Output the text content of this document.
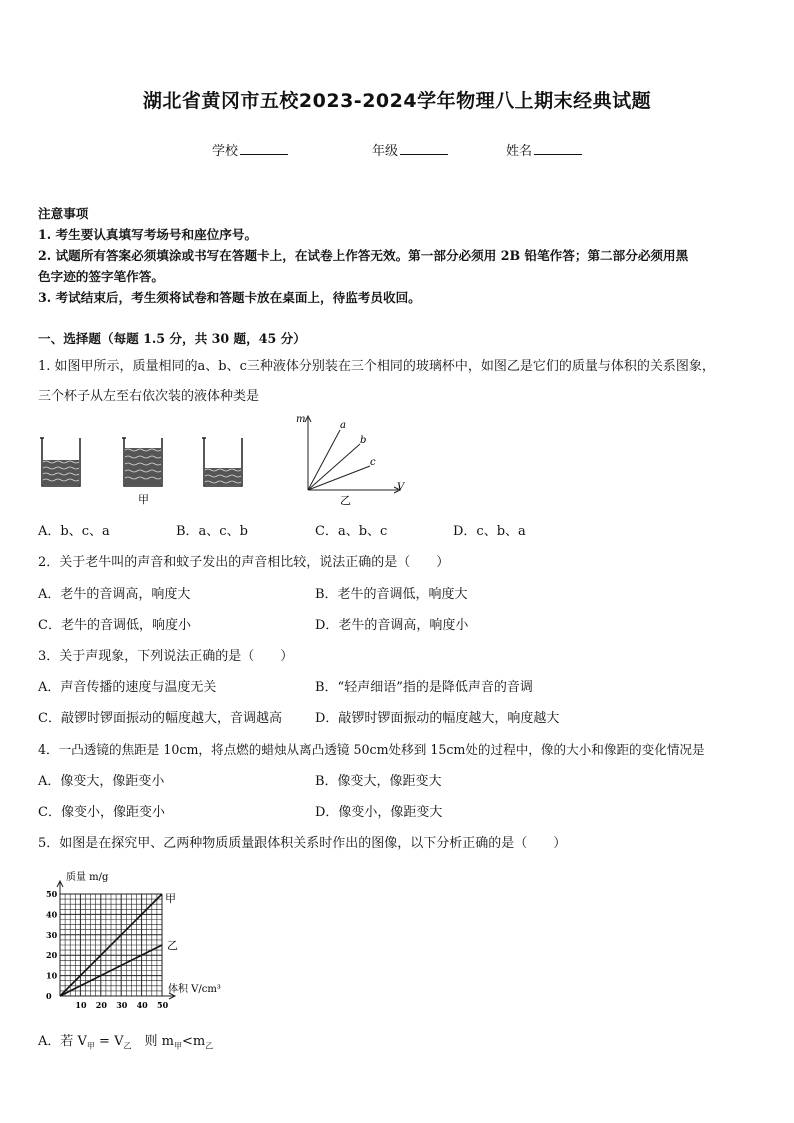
湖北省黄冈市五校2023-2024学年物理八上期末经典试题
学校	年级	姓名
注意事项
1. 考生要认真填写考场号和座位序号。
2. 试题所有答案必须填涂或书写在答题卡上，在试卷上作答无效。第一部分必须用 2B 铅笔作答；第二部分必须用黑
色字迹的签字笔作答。
3. 考试结束后，考生须将试卷和答题卡放在桌面上，待监考员收回。
一、选择题（每题 1.5 分，共 30 题，45 分）
1. 如图甲所示，质量相同的a、b、c三种液体分别装在三个相同的玻璃杯中，如图乙是它们的质量与体积的关系图象，
三个杯子从左至右依次装的液体种类是
甲
m
V
a
b
c
乙
A．b、c、a	B．a、c、b	C．a、b、c	D．c、b、a
2．关于老牛叫的声音和蚊子发出的声音相比较，说法正确的是（　　）
A．老牛的音调高，响度大	B．老牛的音调低，响度大
C．老牛的音调低，响度小	D．老牛的音调高，响度小
3．关于声现象，下列说法正确的是（　　）
A．声音传播的速度与温度无关	B．“轻声细语”指的是降低声音的音调
C．敲锣时锣面振动的幅度越大，音调越高	D．敲锣时锣面振动的幅度越大，响度越大
4．一凸透镜的焦距是 10cm，将点燃的蜡烛从离凸透镜 50cm处移到 15cm处的过程中，像的大小和像距的变化情况是
A．像变大，像距变小	B．像变大，像距变大
C．像变小，像距变小	D．像变小，像距变大
5．如图是在探究甲、乙两种物质质量跟体积关系时作出的图像，以下分析正确的是（　　）
50
40
30
20
10
0
10 20 30 40 50
质量 m/g
体积 V/cm³
甲
乙
A．若 $V_甲 = V_乙$　则 $m_甲<m_乙$
